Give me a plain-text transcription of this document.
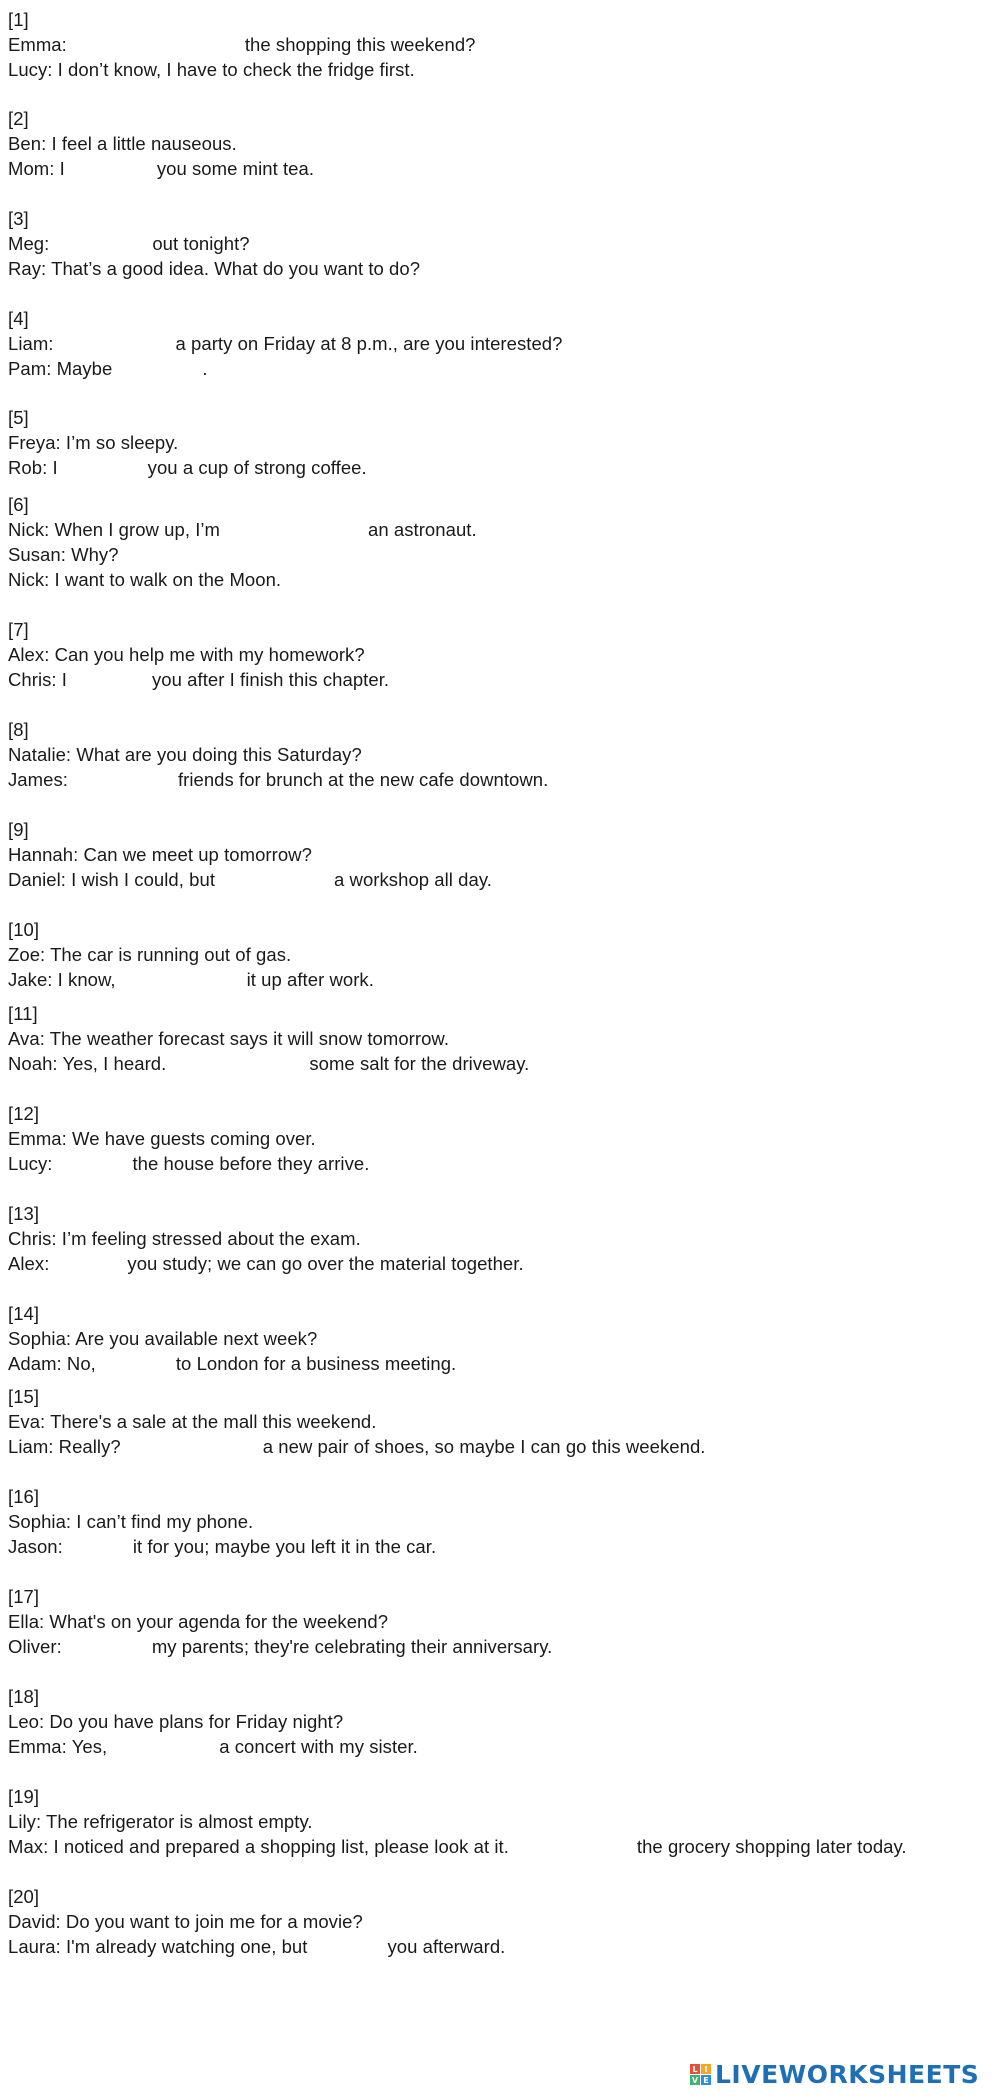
[1]
Emma:	the shopping this weekend?
Lucy: I don’t know, I have to check the fridge first.
[2]
Ben: I feel a little nauseous.
Mom: I	you some mint tea.
[3]
Meg:	out tonight?
Ray: That’s a good idea. What do you want to do?
[4]
Liam:	a party on Friday at 8 p.m., are you interested?
Pam: Maybe	.
[5]
Freya: I’m so sleepy.
Rob: I	you a cup of strong coffee.
[6]
Nick: When I grow up, I’m	an astronaut.
Susan: Why?
Nick: I want to walk on the Moon.
[7]
Alex: Can you help me with my homework?
Chris: I	you after I finish this chapter.
[8]
Natalie: What are you doing this Saturday?
James:	friends for brunch at the new cafe downtown.
[9]
Hannah: Can we meet up tomorrow?
Daniel: I wish I could, but	a workshop all day.
[10]
Zoe: The car is running out of gas.
Jake: I know,	it up after work.
[11]
Ava: The weather forecast says it will snow tomorrow.
Noah: Yes, I heard.	some salt for the driveway.
[12]
Emma: We have guests coming over.
Lucy:	the house before they arrive.
[13]
Chris: I’m feeling stressed about the exam.
Alex:	you study; we can go over the material together.
[14]
Sophia: Are you available next week?
Adam: No,	to London for a business meeting.
[15]
Eva: There's a sale at the mall this weekend.
Liam: Really?	a new pair of shoes, so maybe I can go this weekend.
[16]
Sophia: I can’t find my phone.
Jason:	it for you; maybe you left it in the car.
[17]
Ella: What's on your agenda for the weekend?
Oliver:	my parents; they're celebrating their anniversary.
[18]
Leo: Do you have plans for Friday night?
Emma: Yes,	a concert with my sister.
[19]
Lily: The refrigerator is almost empty.
Max: I noticed and prepared a shopping list, please look at it.	the grocery shopping later today.
[20]
David: Do you want to join me for a movie?
Laura: I'm already watching one, but	you afterward.
L I
V E LIVEWORKSHEETS
